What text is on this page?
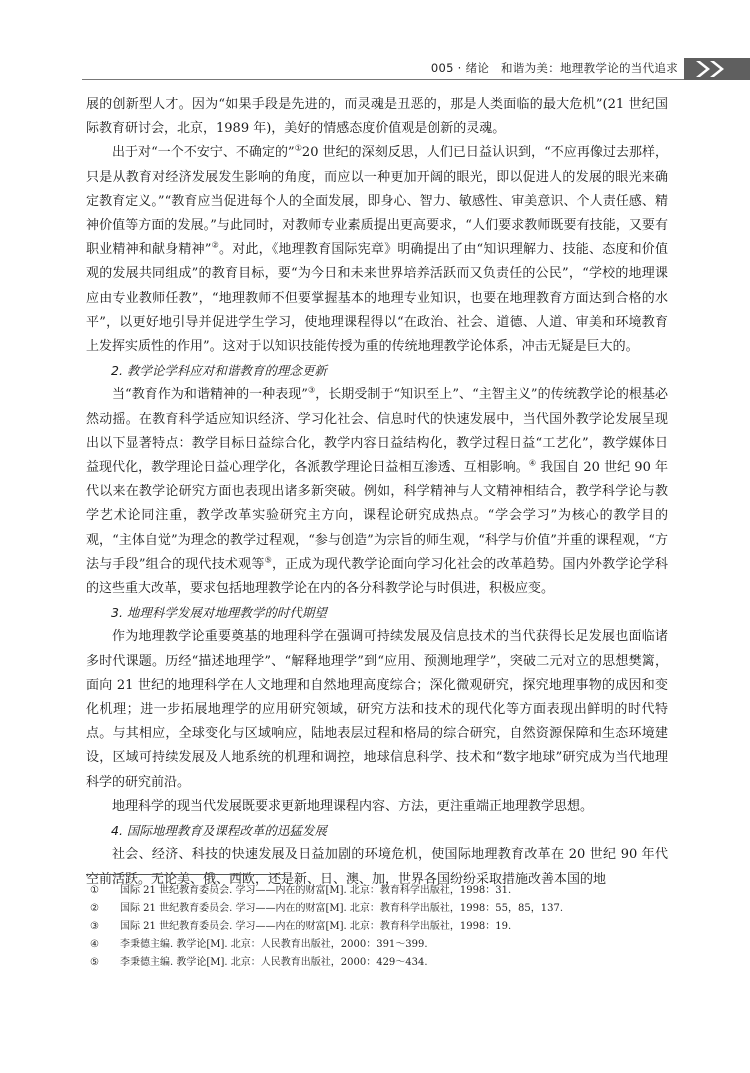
005 · 绪论　和谐为美：地理教学论的当代追求

展的创新型人才。因为“如果手段是先进的，而灵魂是丑恶的，那是人类面临的最大危机”(21 世纪国际教育研讨会，北京，1989 年)，美好的情感态度价值观是创新的灵魂。

出于对“一个不安宁、不确定的”①20 世纪的深刻反思，人们已日益认识到，“不应再像过去那样，只是从教育对经济发展发生影响的角度，而应以一种更加开阔的眼光，即以促进人的发展的眼光来确定教育定义。”“教育应当促进每个人的全面发展，即身心、智力、敏感性、审美意识、个人责任感、精神价值等方面的发展。”与此同时，对教师专业素质提出更高要求，“人们要求教师既要有技能，又要有职业精神和献身精神”②。对此，《地理教育国际宪章》明确提出了由“知识理解力、技能、态度和价值观的发展共同组成”的教育目标，要“为今日和未来世界培养活跃而又负责任的公民”，“学校的地理课应由专业教师任教”，“地理教师不但要掌握基本的地理专业知识，也要在地理教育方面达到合格的水平”，以更好地引导并促进学生学习，使地理课程得以“在政治、社会、道德、人道、审美和环境教育上发挥实质性的作用”。这对于以知识技能传授为重的传统地理教学论体系，冲击无疑是巨大的。

2. 教学论学科应对和谐教育的理念更新

当“教育作为和谐精神的一种表现”③，长期受制于“知识至上”、“主智主义”的传统教学论的根基必然动摇。在教育科学适应知识经济、学习化社会、信息时代的快速发展中，当代国外教学论发展呈现出以下显著特点：教学目标日益综合化，教学内容日益结构化，教学过程日益“工艺化”，教学媒体日益现代化，教学理论日益心理学化，各派教学理论日益相互渗透、互相影响。④ 我国自 20 世纪 90 年代以来在教学论研究方面也表现出诸多新突破。例如，科学精神与人文精神相结合，教学科学论与教学艺术论同注重，教学改革实验研究主方向，课程论研究成热点。“学会学习”为核心的教学目的观，“主体自觉”为理念的教学过程观，“参与创造”为宗旨的师生观，“科学与价值”并重的课程观，“方法与手段”组合的现代技术观等⑤，正成为现代教学论面向学习化社会的改革趋势。国内外教学论学科的这些重大改革，要求包括地理教学论在内的各分科教学论与时俱进，积极应变。

3. 地理科学发展对地理教学的时代期望

作为地理教学论重要奠基的地理科学在强调可持续发展及信息技术的当代获得长足发展也面临诸多时代课题。历经“描述地理学”、“解释地理学”到“应用、预测地理学”，突破二元对立的思想樊篱，面向 21 世纪的地理科学在人文地理和自然地理高度综合；深化微观研究，探究地理事物的成因和变化机理；进一步拓展地理学的应用研究领域，研究方法和技术的现代化等方面表现出鲜明的时代特点。与其相应，全球变化与区域响应，陆地表层过程和格局的综合研究，自然资源保障和生态环境建设，区域可持续发展及人地系统的机理和调控，地球信息科学、技术和“数字地球”研究成为当代地理科学的研究前沿。

地理科学的现当代发展既要求更新地理课程内容、方法，更注重端正地理教学思想。

4. 国际地理教育及课程改革的迅猛发展

社会、经济、科技的快速发展及日益加剧的环境危机，使国际地理教育改革在 20 世纪 90 年代空前活跃。无论美、俄、西欧，还是新、日、澳、加，世界各国纷纷采取措施改善本国的地

①	国际 21 世纪教育委员会. 学习——内在的财富[M]. 北京：教育科学出版社，1998：31.
②	国际 21 世纪教育委员会. 学习——内在的财富[M]. 北京：教育科学出版社，1998：55，85，137.
③	国际 21 世纪教育委员会. 学习——内在的财富[M]. 北京：教育科学出版社，1998：19.
④	李秉德主编. 教学论[M]. 北京：人民教育出版社，2000：391～399.
⑤	李秉德主编. 教学论[M]. 北京：人民教育出版社，2000：429～434.
